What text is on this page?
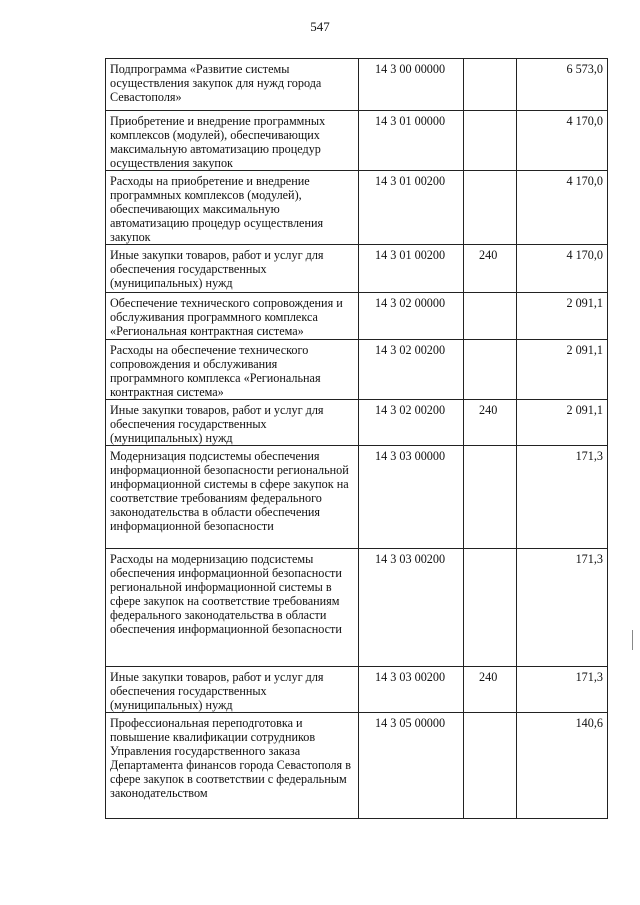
547
Подпрограмма «Развитие системы осуществления закупок для нужд города Севастополя»	14 3 00 00000		6 573,0
Приобретение и внедрение программных комплексов (модулей), обеспечивающих максимальную автоматизацию процедур осуществления закупок	14 3 01 00000		4 170,0
Расходы на приобретение и внедрение программных комплексов (модулей), обеспечивающих максимальную автоматизацию процедур осуществления закупок	14 3 01 00200		4 170,0
Иные закупки товаров, работ и услуг для обеспечения государственных (муниципальных) нужд	14 3 01 00200	240	4 170,0
Обеспечение технического сопровождения и обслуживания программного комплекса «Региональная контрактная система»	14 3 02 00000		2 091,1
Расходы на обеспечение технического сопровождения и обслуживания программного комплекса «Региональная контрактная система»	14 3 02 00200		2 091,1
Иные закупки товаров, работ и услуг для обеспечения государственных (муниципальных) нужд	14 3 02 00200	240	2 091,1
Модернизация подсистемы обеспечения информационной безопасности региональной информационной системы в сфере закупок на соответствие требованиям федерального законодательства в области обеспечения информационной безопасности	14 3 03 00000		171,3
Расходы на модернизацию подсистемы обеспечения информационной безопасности региональной информационной системы в сфере закупок на соответствие требованиям федерального законодательства в области обеспечения информационной безопасности	14 3 03 00200		171,3
Иные закупки товаров, работ и услуг для обеспечения государственных (муниципальных) нужд	14 3 03 00200	240	171,3
Профессиональная переподготовка и повышение квалификации сотрудников Управления государственного заказа Департамента финансов города Севастополя в сфере закупок в соответствии с федеральным законодательством	14 3 05 00000		140,6
